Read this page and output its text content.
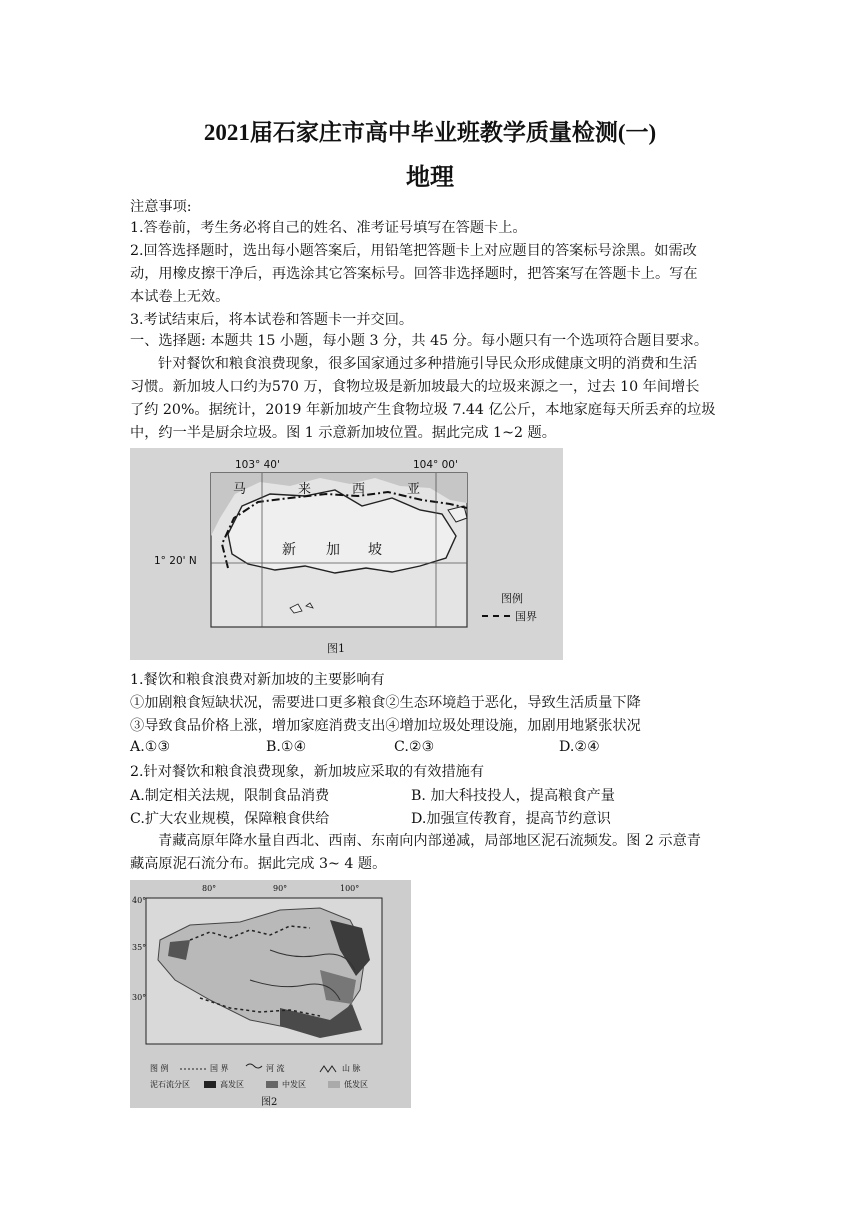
2021届石家庄市高中毕业班教学质量检测(一)
地理
注意事项:
1.答卷前，考生务必将自己的姓名、准考证号填写在答题卡上。
2.回答选择题时，选出每小题答案后，用铅笔把答题卡上对应题目的答案标号涂黑。如需改
动，用橡皮擦干净后，再选涂其它答案标号。回答非选择题时，把答案写在答题卡上。写在
本试卷上无效。
3.考试结束后，将本试卷和答题卡一并交回。
一、选择题: 本题共 15 小题，每小题 3 分，共 45 分。每小题只有一个选项符合题目要求。
针对餐饮和粮食浪费现象，很多国家通过多种措施引导民众形成健康文明的消费和生活
习惯。新加坡人口约为570 万，食物垃圾是新加坡最大的垃圾来源之一，过去 10 年间增长
了约 20%。据统计，2019 年新加坡产生食物垃圾 7.44 亿公斤，本地家庭每天所丢弃的垃圾
中，约一半是厨余垃圾。图 1 示意新加坡位置。据此完成 1~2 题。
103° 40'	104° 00'
1° 20' N
马	来	西	亚
新 加 坡
图例
国界
图1
1.餐饮和粮食浪费对新加坡的主要影响有
①加剧粮食短缺状况，需要进口更多粮食②生态环境趋于恶化，导致生活质量下降
③导致食品价格上涨，增加家庭消费支出④增加垃圾处理设施，加剧用地紧张状况
A.①③	B.①④	C.②③	D.②④
2.针对餐饮和粮食浪费现象，新加坡应采取的有效措施有
A.制定相关法规，限制食品消费	B. 加大科技投人，提高粮食产量
C.扩大农业规模，保障粮食供给	D.加强宣传教育，提高节约意识
青藏高原年降水量自西北、西南、东南向内部递减，局部地区泥石流频发。图 2 示意青
藏高原泥石流分布。据此完成 3~ 4 题。
80°	90°	100°
40°
35°
30°
图 例	国 界	河 流	山 脉
泥石流分区	高发区	中发区	低发区
图2
